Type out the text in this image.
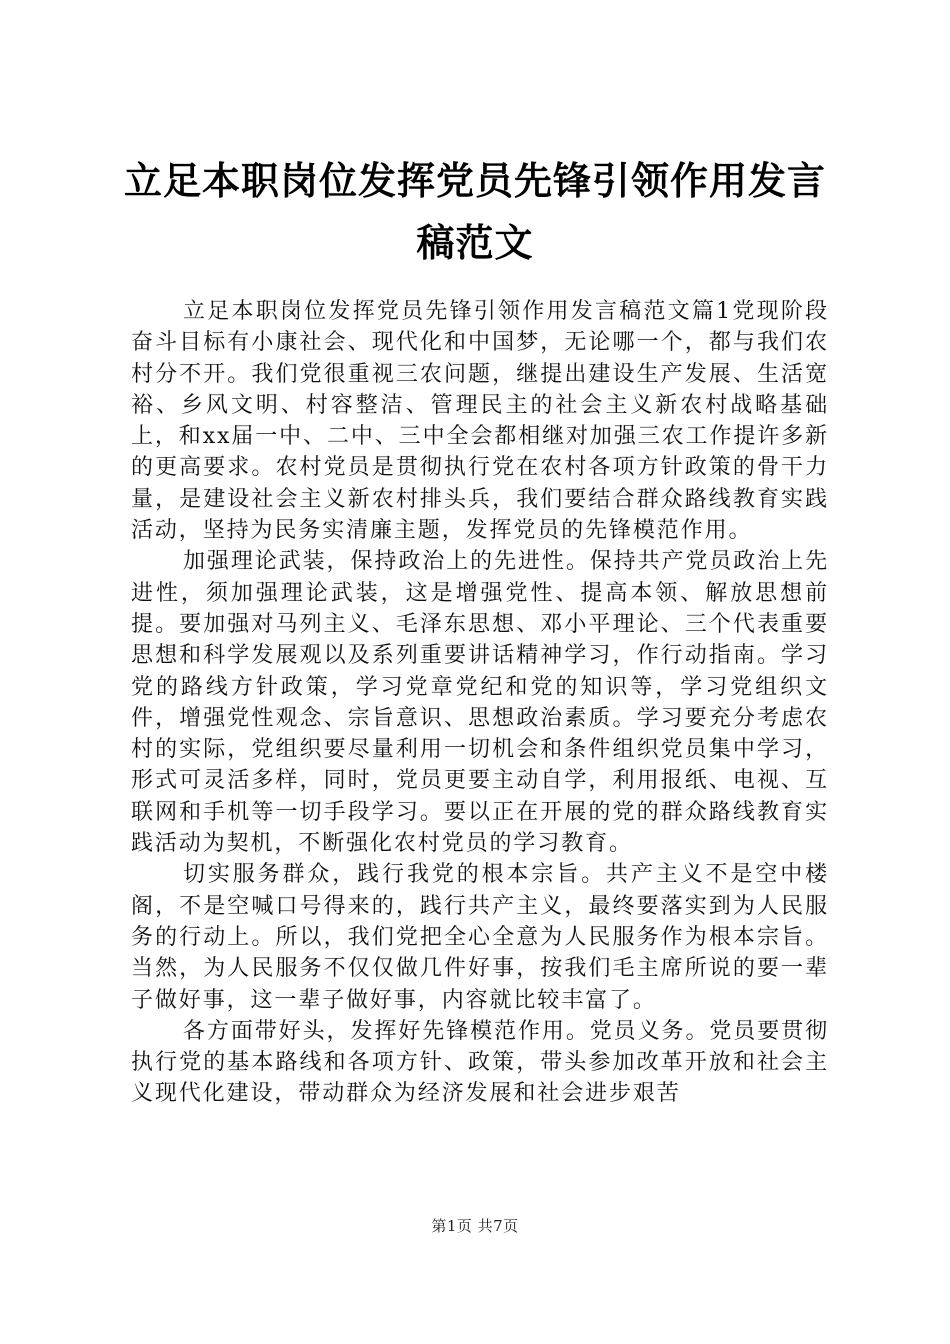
立足本职岗位发挥党员先锋引领作用发言稿范文

立足本职岗位发挥党员先锋引领作用发言稿范文篇1党现阶段奋斗目标有小康社会、现代化和中国梦，无论哪一个，都与我们农村分不开。我们党很重视三农问题，继提出建设生产发展、生活宽裕、乡风文明、村容整洁、管理民主的社会主义新农村战略基础上，和xx届一中、二中、三中全会都相继对加强三农工作提许多新的更高要求。农村党员是贯彻执行党在农村各项方针政策的骨干力量，是建设社会主义新农村排头兵，我们要结合群众路线教育实践活动，坚持为民务实清廉主题，发挥党员的先锋模范作用。

加强理论武装，保持政治上的先进性。保持共产党员政治上先进性，须加强理论武装，这是增强党性、提高本领、解放思想前提。要加强对马列主义、毛泽东思想、邓小平理论、三个代表重要思想和科学发展观以及系列重要讲话精神学习，作行动指南。学习党的路线方针政策，学习党章党纪和党的知识等，学习党组织文件，增强党性观念、宗旨意识、思想政治素质。学习要充分考虑农村的实际，党组织要尽量利用一切机会和条件组织党员集中学习，形式可灵活多样，同时，党员更要主动自学，利用报纸、电视、互联网和手机等一切手段学习。要以正在开展的党的群众路线教育实践活动为契机，不断强化农村党员的学习教育。

切实服务群众，践行我党的根本宗旨。共产主义不是空中楼阁，不是空喊口号得来的，践行共产主义，最终要落实到为人民服务的行动上。所以，我们党把全心全意为人民服务作为根本宗旨。当然，为人民服务不仅仅做几件好事，按我们毛主席所说的要一辈子做好事，这一辈子做好事，内容就比较丰富了。

各方面带好头，发挥好先锋模范作用。党员义务。党员要贯彻执行党的基本路线和各项方针、政策，带头参加改革开放和社会主义现代化建设，带动群众为经济发展和社会进步艰苦

第1页 共7页
